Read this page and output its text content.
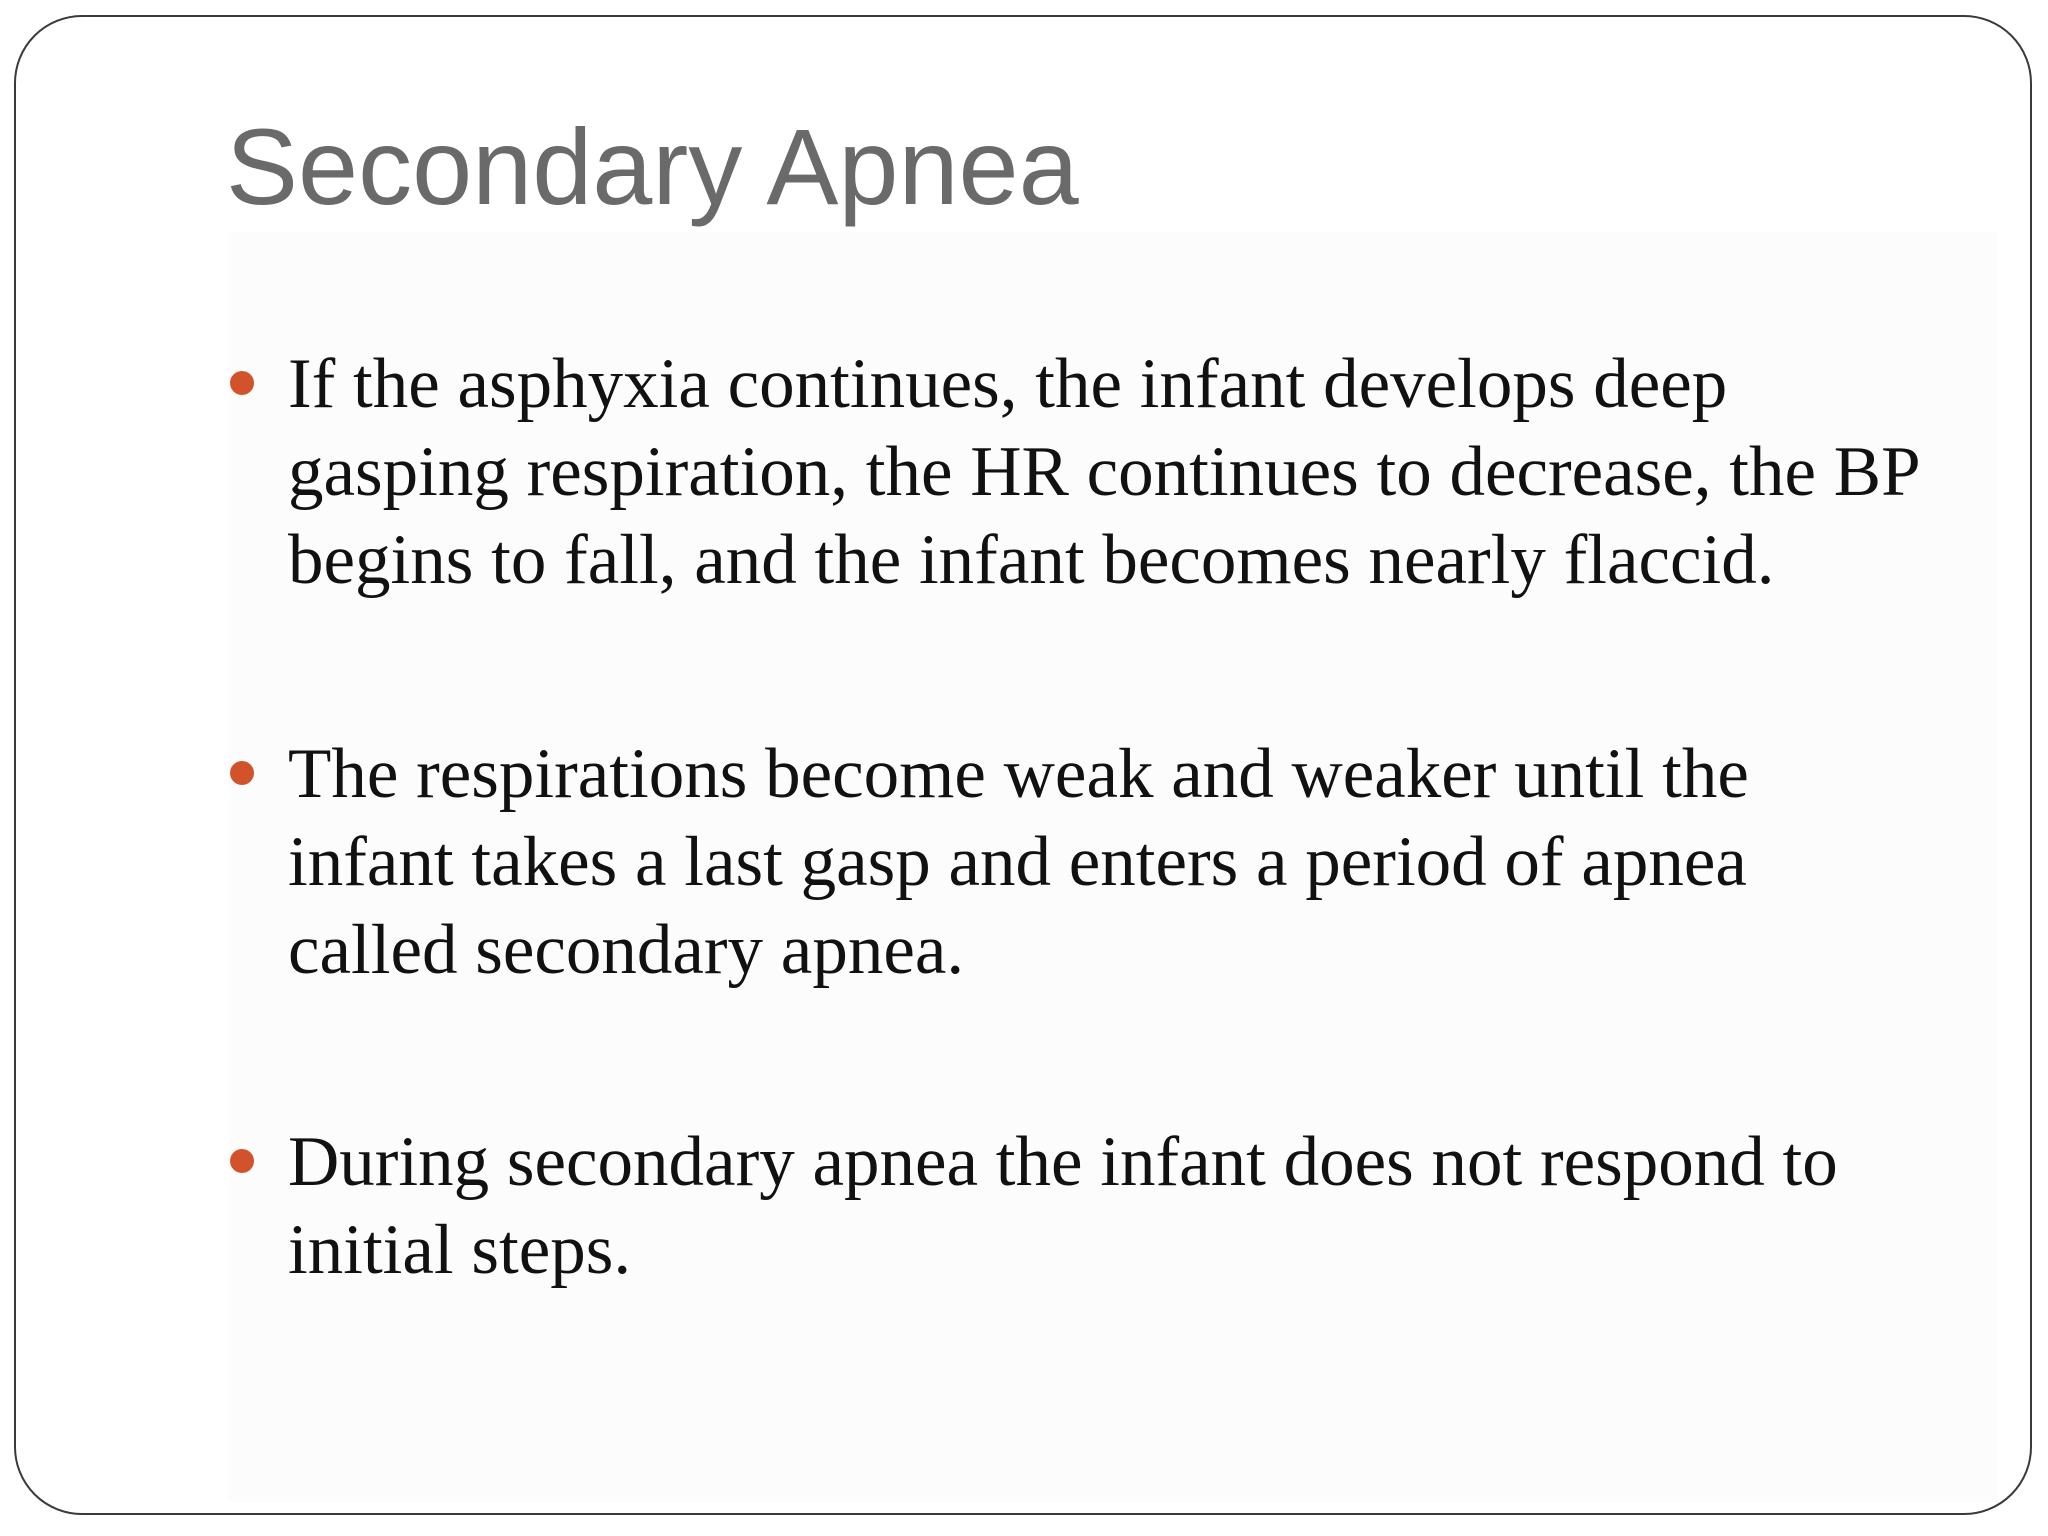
Secondary Apnea
If the asphyxia continues, the infant develops deep gasping respiration, the HR continues to decrease, the BP begins to fall, and the infant becomes nearly flaccid.
The respirations become weak and weaker until the infant takes a last gasp and enters a period of apnea called secondary apnea.
During secondary apnea the infant does not respond to initial steps.
